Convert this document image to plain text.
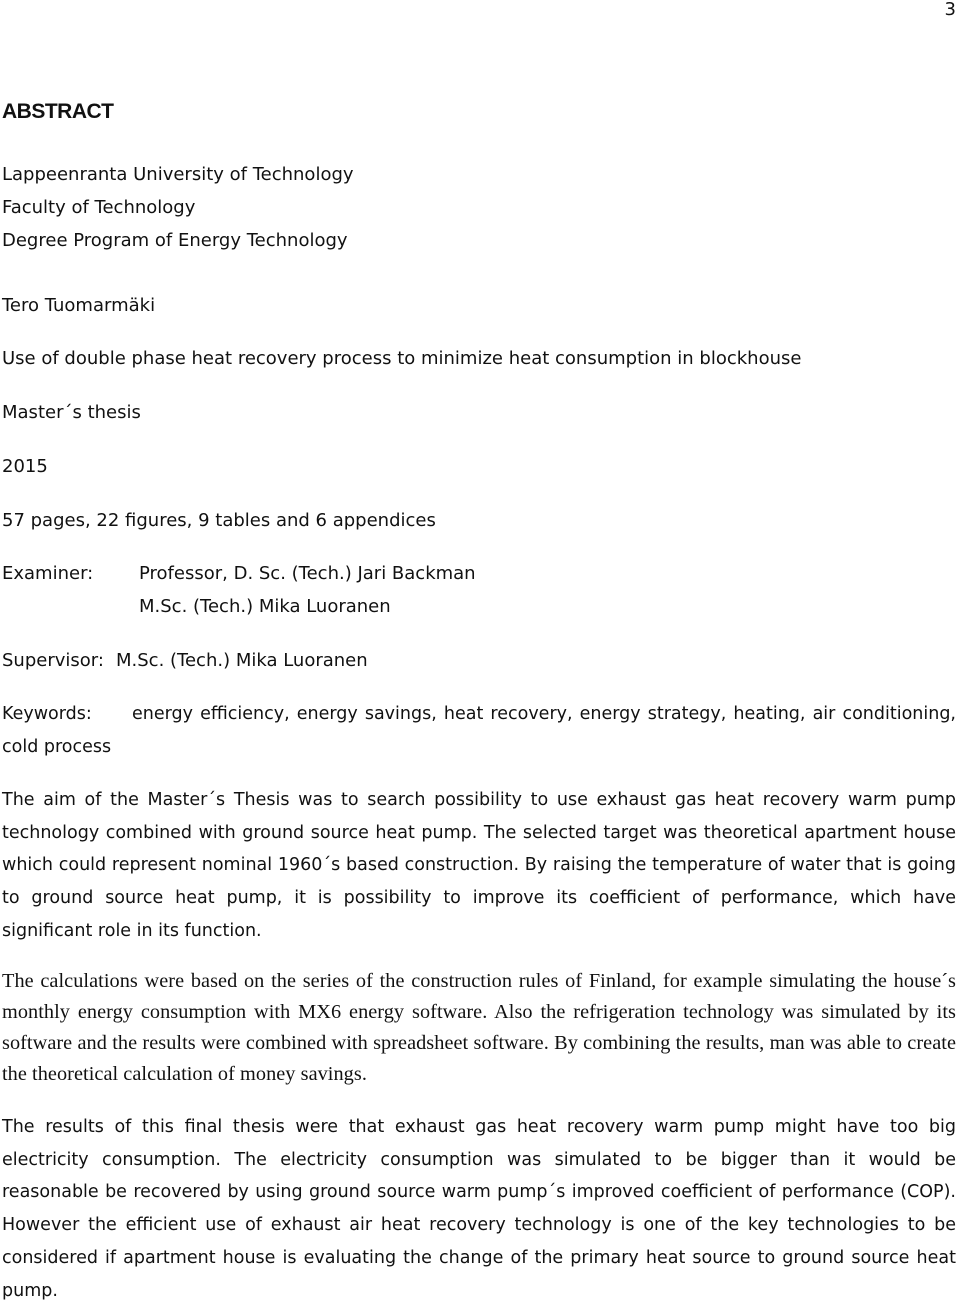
3
ABSTRACT
Lappeenranta University of Technology
Faculty of Technology
Degree Program of Energy Technology
Tero Tuomarmäki
Use of double phase heat recovery process to minimize heat consumption in blockhouse
Master´s thesis
2015
57 pages, 22 figures, 9 tables and 6 appendices
Examiner:	Professor, D. Sc. (Tech.) Jari Backman
M.Sc. (Tech.) Mika Luoranen
Supervisor: M.Sc. (Tech.) Mika Luoranen
Keywords: energy efficiency, energy savings, heat recovery, energy strategy, heating, air conditioning, cold process
The aim of the Master´s Thesis was to search possibility to use exhaust gas heat recovery warm pump technology combined with ground source heat pump. The selected target was theoretical apartment house which could represent nominal 1960´s based construction. By raising the temperature of water that is going to ground source heat pump, it is possibility to improve its coefficient of performance, which have significant role in its function.
The calculations were based on the series of the construction rules of Finland, for example simulating the house´s monthly energy consumption with MX6 energy software. Also the refrigeration technology was simulated by its software and the results were combined with spreadsheet software. By combining the results, man was able to create the theoretical calculation of money savings.
The results of this final thesis were that exhaust gas heat recovery warm pump might have too big electricity consumption. The electricity consumption was simulated to be bigger than it would be reasonable be recovered by using ground source warm pump´s improved coefficient of performance (COP). However the efficient use of exhaust air heat recovery technology is one of the key technologies to be considered if apartment house is evaluating the change of the primary heat source to ground source heat pump.
